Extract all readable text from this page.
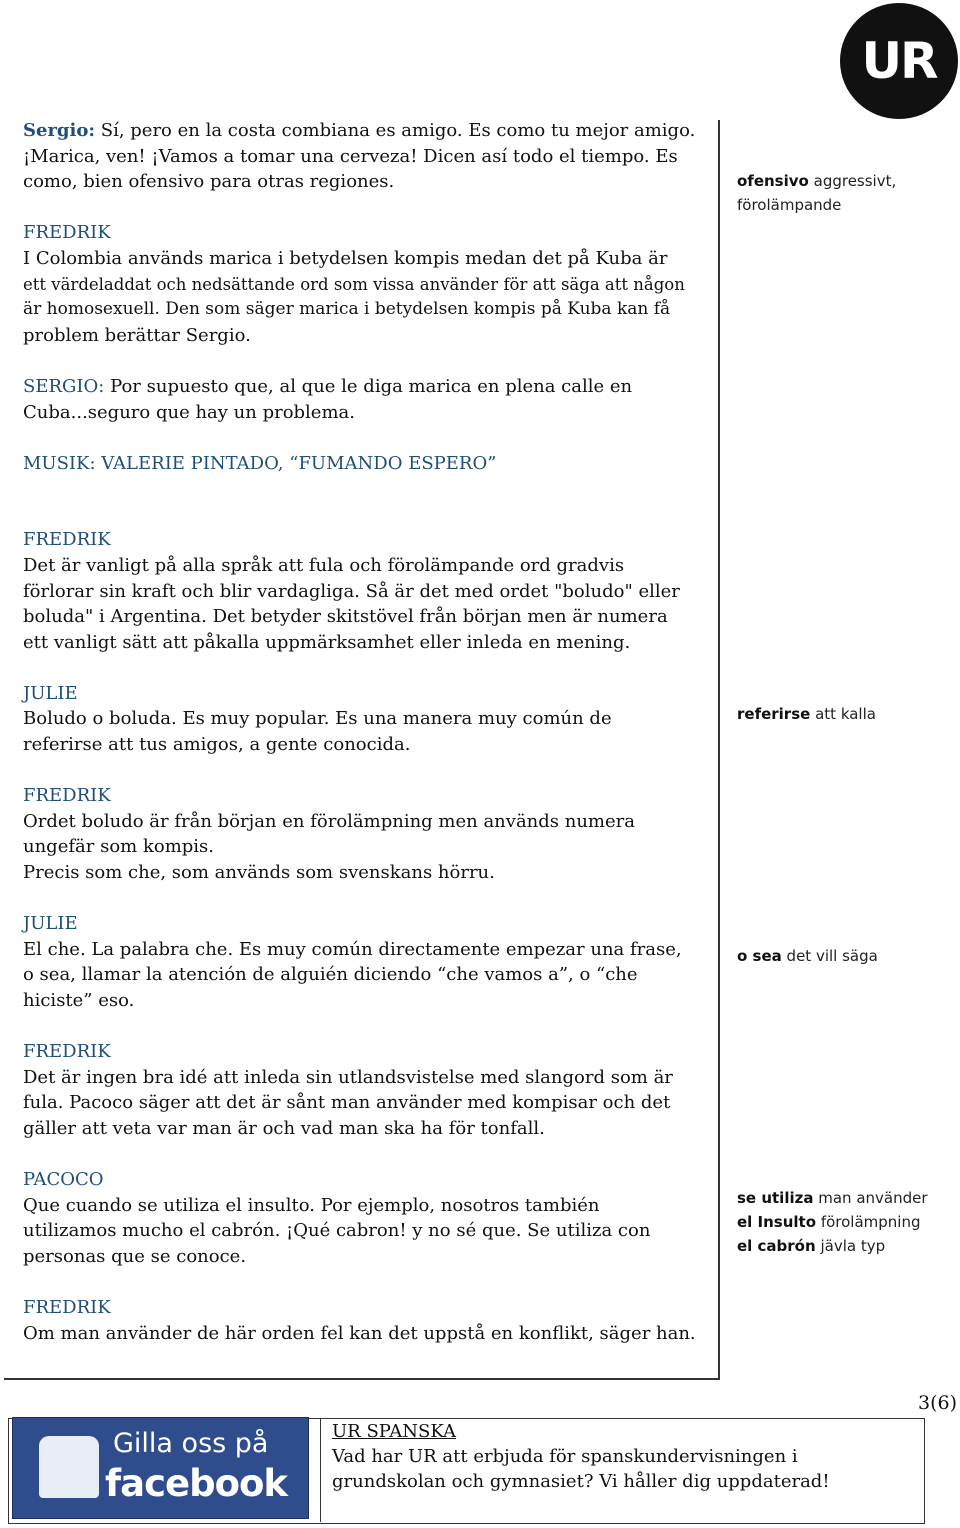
UR
Sergio: Sí, pero en la costa combiana es amigo. Es como tu mejor amigo.
¡Marica, ven! ¡Vamos a tomar una cerveza! Dicen así todo el tiempo. Es
como, bien ofensivo para otras regiones.
FREDRIK
I Colombia används marica i betydelsen kompis medan det på Kuba är
ett värdeladdat och nedsättande ord som vissa använder för att säga att någon
är homosexuell. Den som säger marica i betydelsen kompis på Kuba kan få
problem berättar Sergio.
SERGIO: Por supuesto que, al que le diga marica en plena calle en
Cuba...seguro que hay un problema.
MUSIK: VALERIE PINTADO, “FUMANDO ESPERO”
FREDRIK
Det är vanligt på alla språk att fula och förolämpande ord gradvis
förlorar sin kraft och blir vardagliga. Så är det med ordet "boludo" eller
boluda" i Argentina. Det betyder skitstövel från början men är numera
ett vanligt sätt att påkalla uppmärksamhet eller inleda en mening.
JULIE
Boludo o boluda. Es muy popular. Es una manera muy común de
referirse att tus amigos, a gente conocida.
FREDRIK
Ordet boludo är från början en förolämpning men används numera
ungefär som kompis.
Precis som che, som används som svenskans hörru.
JULIE
El che. La palabra che. Es muy común directamente empezar una frase,
o sea, llamar la atención de alguién diciendo “che vamos a”, o “che
hiciste” eso.
FREDRIK
Det är ingen bra idé att inleda sin utlandsvistelse med slangord som är
fula. Pacoco säger att det är sånt man använder med kompisar och det
gäller att veta var man är och vad man ska ha för tonfall.
PACOCO
Que cuando se utiliza el insulto. Por ejemplo, nosotros también
utilizamos mucho el cabrón. ¡Qué cabron! y no sé que. Se utiliza con
personas que se conoce.
FREDRIK
Om man använder de här orden fel kan det uppstå en konflikt, säger han.
ofensivo aggressivt,
förolämpande
referirse att kalla
o sea det vill säga
se utiliza man använder
el Insulto förolämpning
el cabrón jävla typ
3(6)
Gilla oss på
facebook
UR SPANSKA
Vad har UR att erbjuda för spanskundervisningen i
grundskolan och gymnasiet? Vi håller dig uppdaterad!
